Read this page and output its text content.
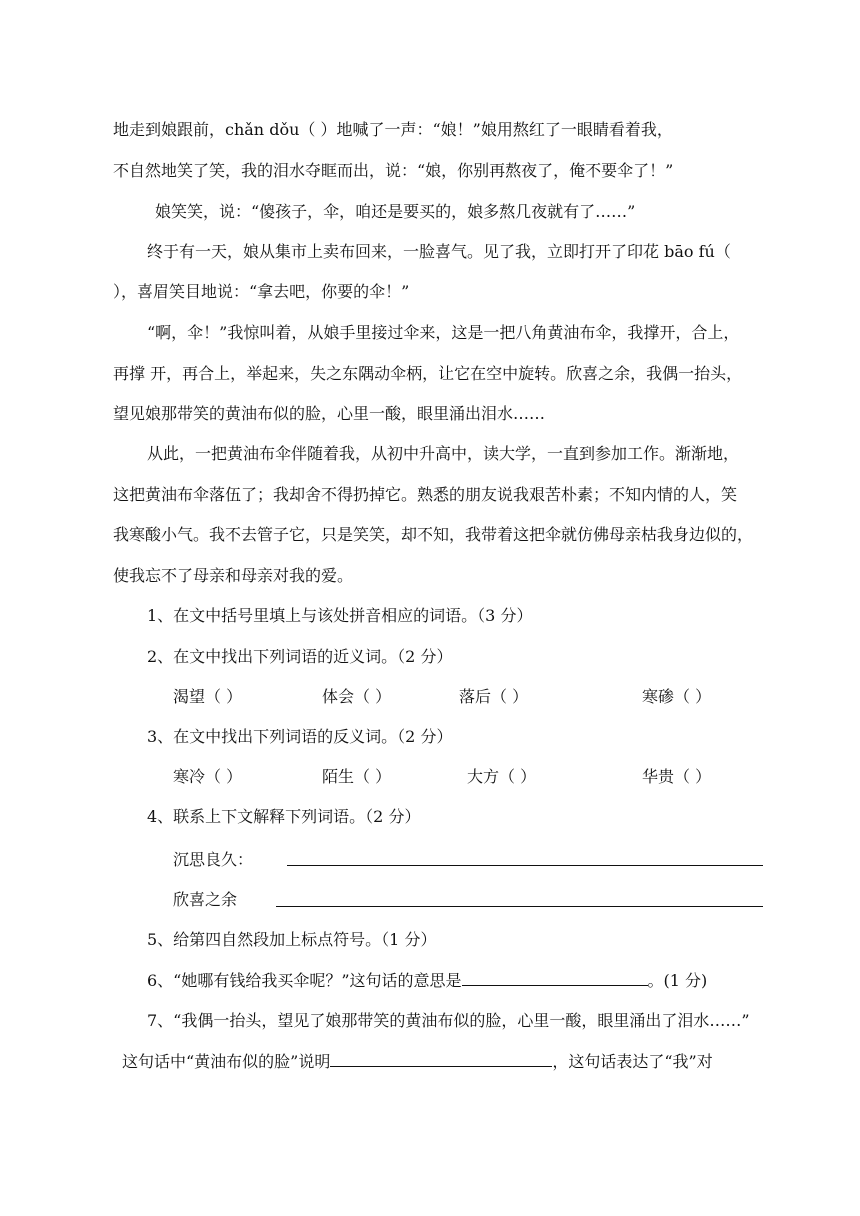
地走到娘跟前，chǎn dǒu（ ）地喊了一声：“娘！”娘用熬红了一眼睛看着我，
不自然地笑了笑，我的泪水夺眶而出，说：“娘，你别再熬夜了，俺不要伞了！”
娘笑笑，说：“傻孩子，伞，咱还是要买的，娘多熬几夜就有了……”
终于有一天，娘从集市上卖布回来，一脸喜气。见了我，立即打开了印花 bāo fú（
），喜眉笑目地说：“拿去吧，你要的伞！”
“啊，伞！”我惊叫着，从娘手里接过伞来，这是一把八角黄油布伞，我撑开，合上，
再撑 开，再合上，举起来，失之东隅动伞柄，让它在空中旋转。欣喜之余，我偶一抬头，
望见娘那带笑的黄油布似的脸，心里一酸，眼里涌出泪水……
从此，一把黄油布伞伴随着我，从初中升高中，读大学，一直到参加工作。渐渐地，
这把黄油布伞落伍了；我却舍不得扔掉它。熟悉的朋友说我艰苦朴素；不知内情的人，笑
我寒酸小气。我不去管子它，只是笑笑，却不知，我带着这把伞就仿佛母亲枯我身边似的，
使我忘不了母亲和母亲对我的爱。
1、在文中括号里填上与该处拼音相应的词语。（3 分）
2、在文中找出下列词语的近义词。（2 分）
渴望（ ）	体会（ ）	落后（ ）	寒碜（ ）
3、在文中找出下列词语的反义词。（2 分）
寒冷（ ）	陌生（ ）	大方（ ）	华贵（ ）
4、联系上下文解释下列词语。（2 分）
沉思良久：
欣喜之余
5、给第四自然段加上标点符号。（1 分）
6、“她哪有钱给我买伞呢？”这句话的意思是	。(1 分)
7、“我偶一抬头，望见了娘那带笑的黄油布似的脸，心里一酸，眼里涌出了泪水……”
这句话中“黄油布似的脸”说明	，这句话表达了“我”对
